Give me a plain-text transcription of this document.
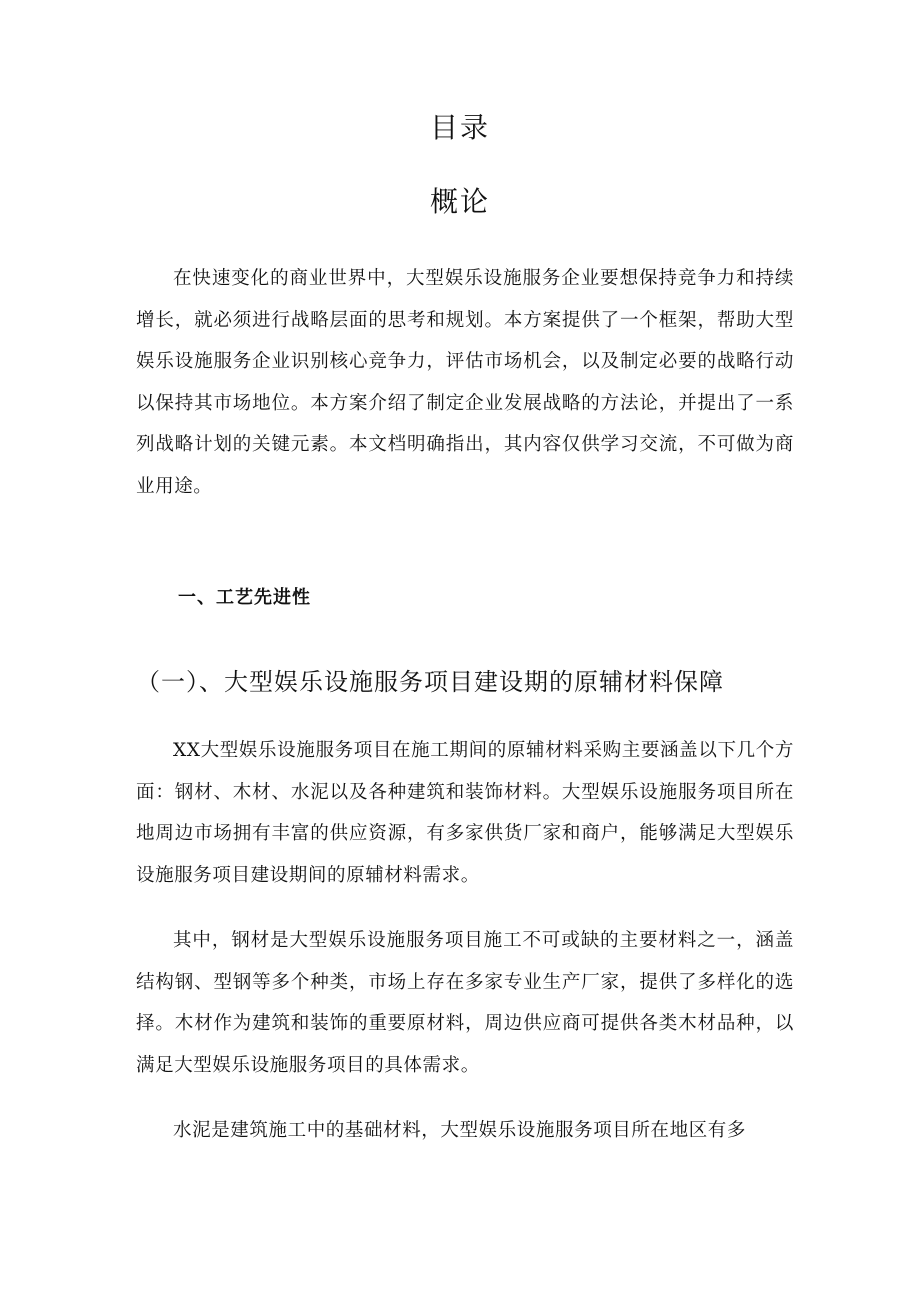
目录
概论

在快速变化的商业世界中，大型娱乐设施服务企业要想保持竞争力和持续增长，就必须进行战略层面的思考和规划。本方案提供了一个框架，帮助大型娱乐设施服务企业识别核心竞争力，评估市场机会，以及制定必要的战略行动以保持其市场地位。本方案介绍了制定企业发展战略的方法论，并提出了一系列战略计划的关键元素。本文档明确指出，其内容仅供学习交流，不可做为商业用途。

一、工艺先进性
（一）、大型娱乐设施服务项目建设期的原辅材料保障

XX大型娱乐设施服务项目在施工期间的原辅材料采购主要涵盖以下几个方面：钢材、木材、水泥以及各种建筑和装饰材料。大型娱乐设施服务项目所在地周边市场拥有丰富的供应资源，有多家供货厂家和商户，能够满足大型娱乐设施服务项目建设期间的原辅材料需求。

其中，钢材是大型娱乐设施服务项目施工不可或缺的主要材料之一，涵盖结构钢、型钢等多个种类，市场上存在多家专业生产厂家，提供了多样化的选择。木材作为建筑和装饰的重要原材料，周边供应商可提供各类木材品种，以满足大型娱乐设施服务项目的具体需求。

水泥是建筑施工中的基础材料，大型娱乐设施服务项目所在地区有多
